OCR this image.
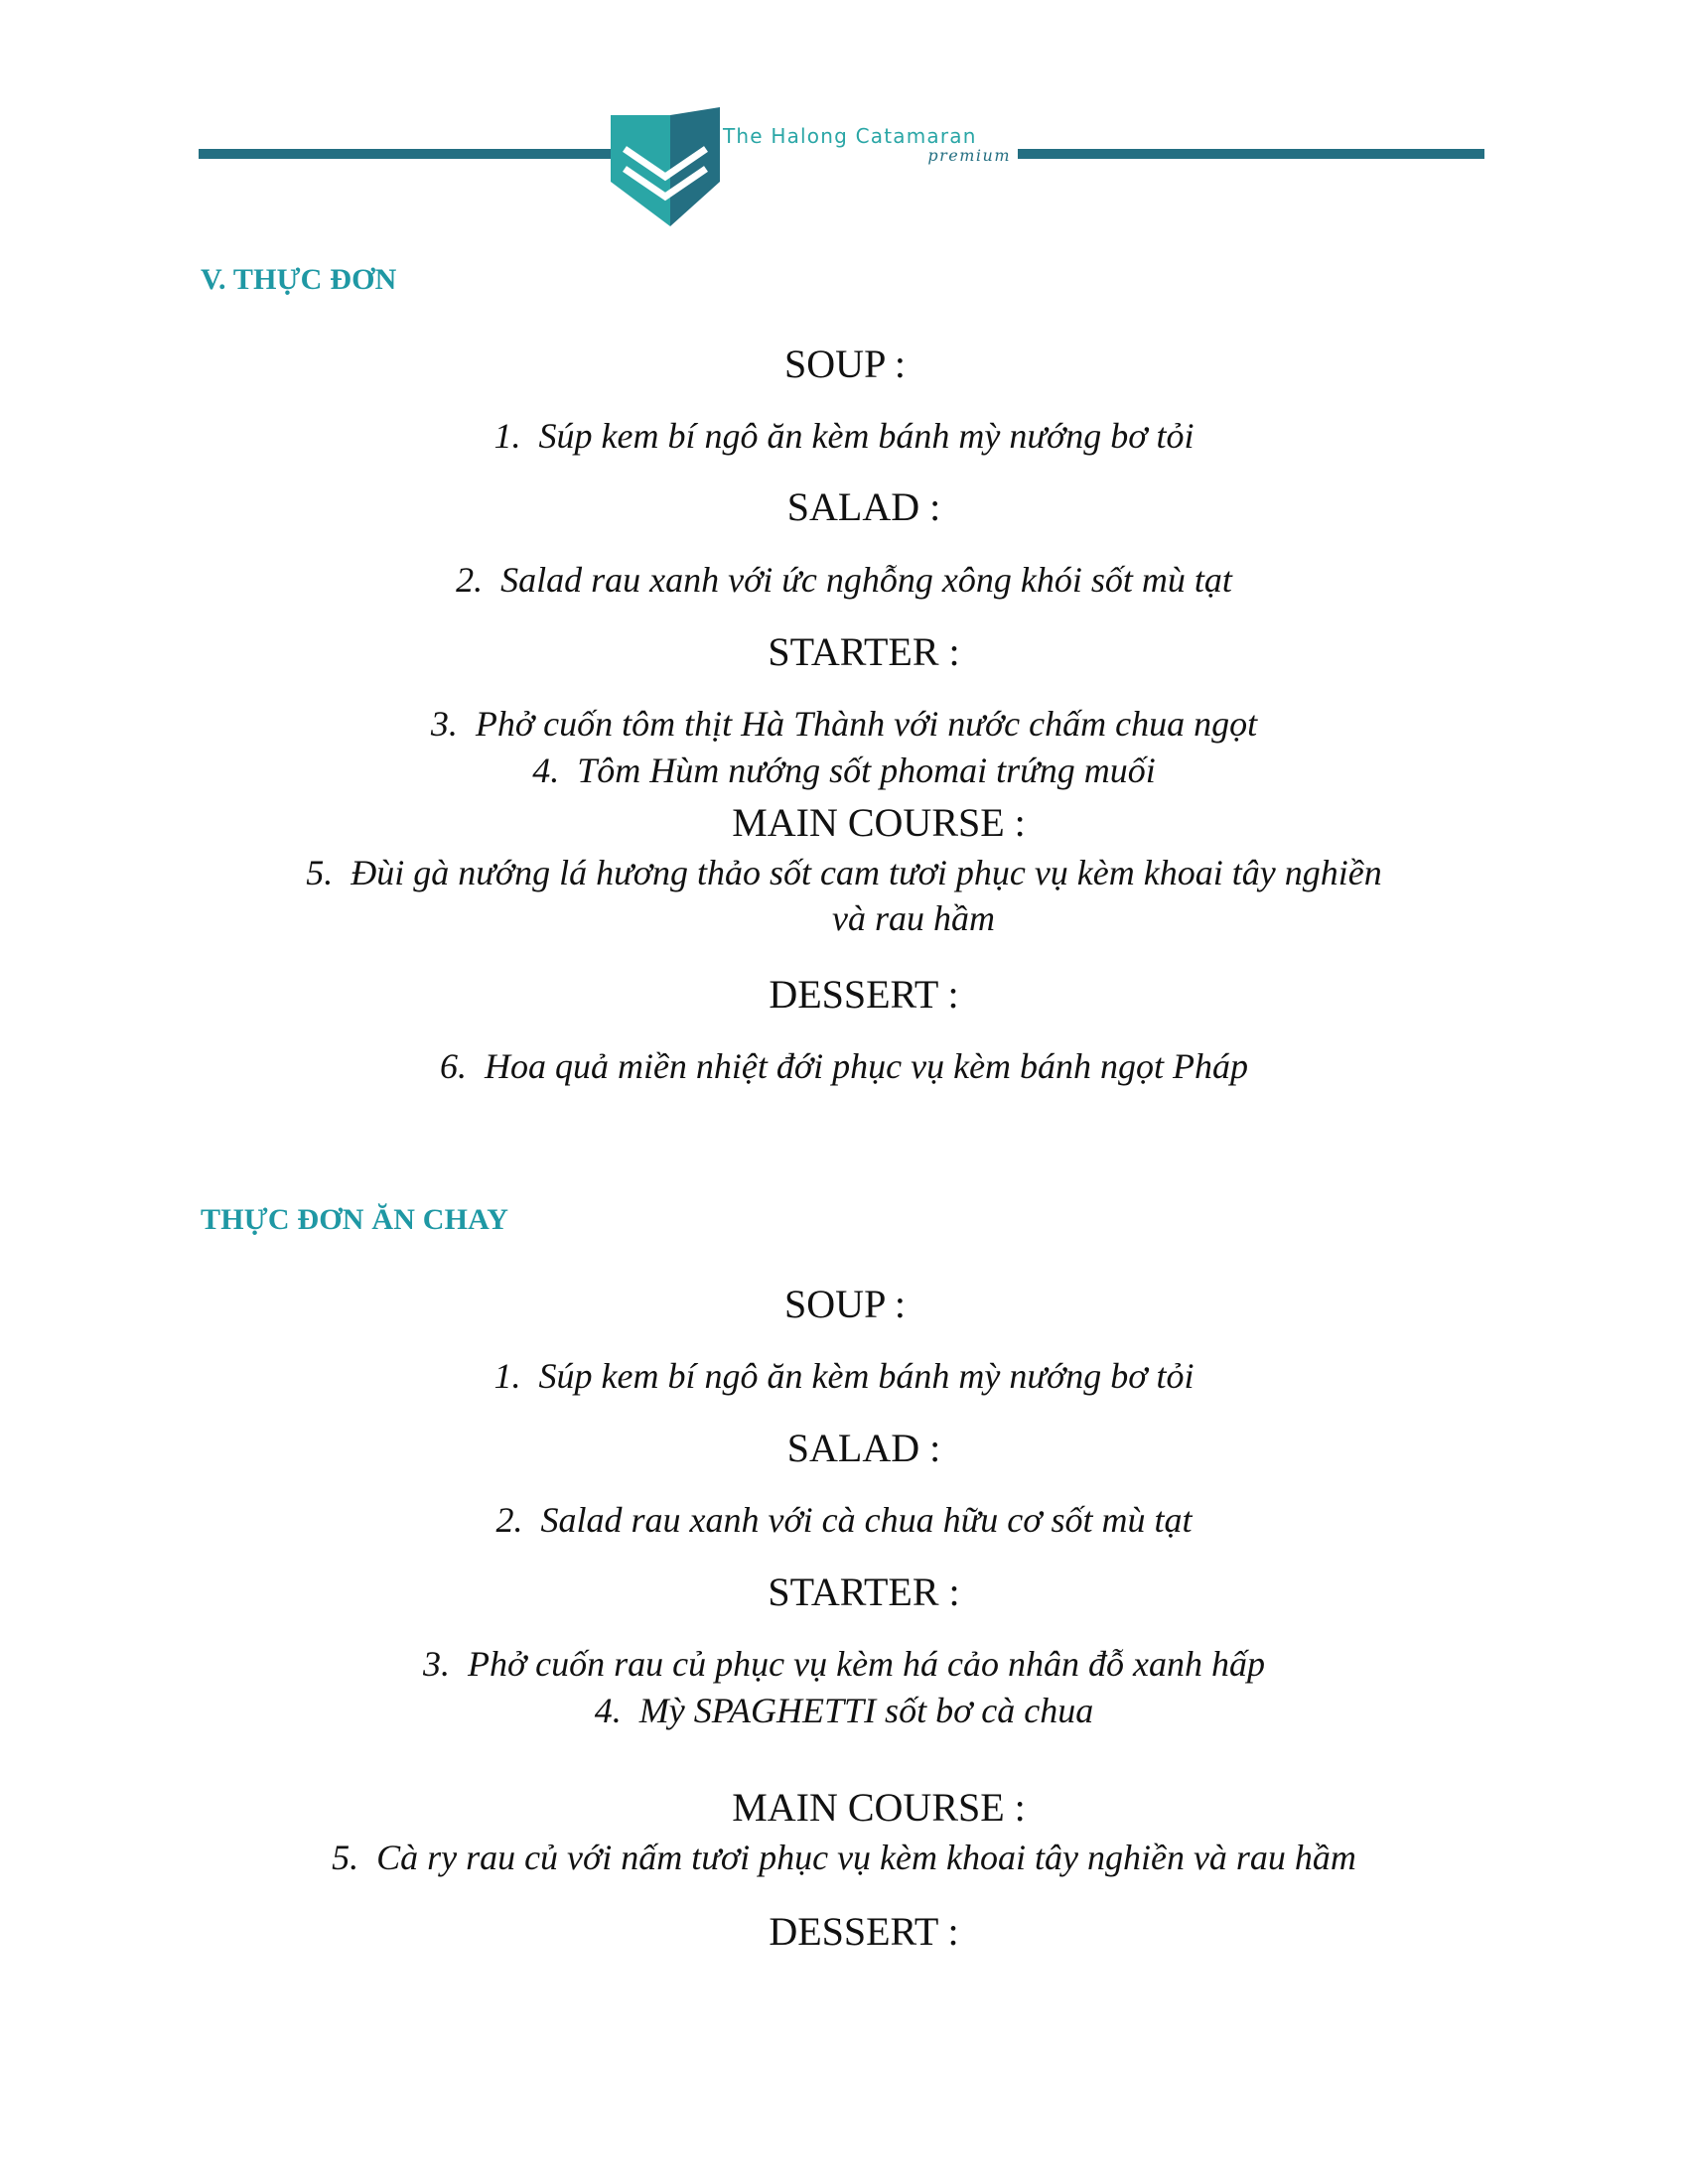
The Halong Catamaran
premium
V. THỰC ĐƠN
SOUP :
1. Súp kem bí ngô ăn kèm bánh mỳ nướng bơ tỏi
SALAD :
2. Salad rau xanh với ức nghỗng xông khói sốt mù tạt
STARTER :
3. Phở cuốn tôm thịt Hà Thành với nước chấm chua ngọt
4. Tôm Hùm nướng sốt phomai trứng muối
MAIN COURSE :
5. Đùi gà nướng lá hương thảo sốt cam tươi phục vụ kèm khoai tây nghiền
và rau hầm
DESSERT :
6. Hoa quả miền nhiệt đới phục vụ kèm bánh ngọt Pháp
THỰC ĐƠN ĂN CHAY
SOUP :
1. Súp kem bí ngô ăn kèm bánh mỳ nướng bơ tỏi
SALAD :
2. Salad rau xanh với cà chua hữu cơ sốt mù tạt
STARTER :
3. Phở cuốn rau củ phục vụ kèm há cảo nhân đỗ xanh hấp
4. Mỳ SPAGHETTI sốt bơ cà chua
MAIN COURSE :
5. Cà ry rau củ với nấm tươi phục vụ kèm khoai tây nghiền và rau hầm
DESSERT :
